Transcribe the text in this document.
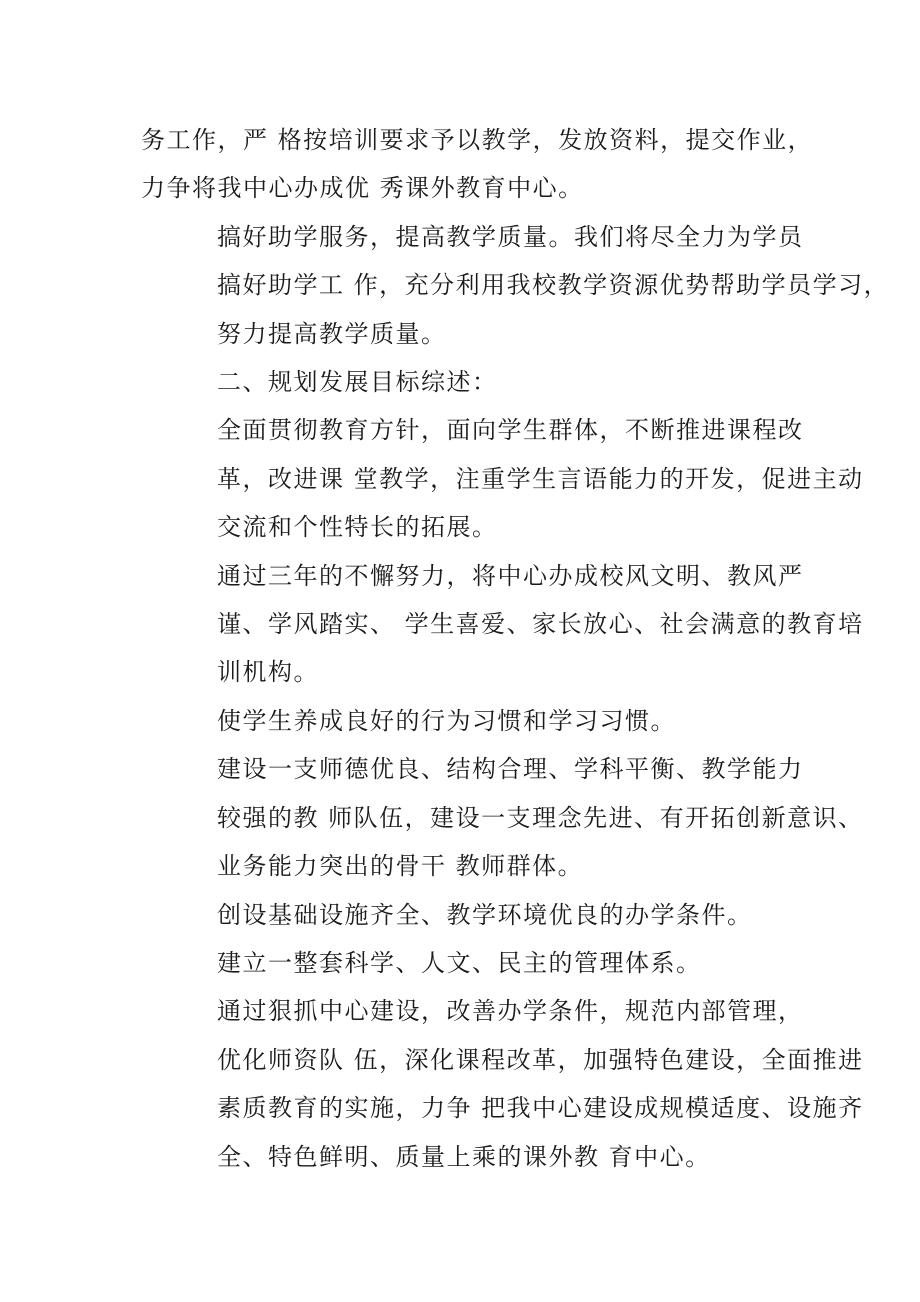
务工作，严 格按培训要求予以教学，发放资料，提交作业，
力争将我中心办成优 秀课外教育中心。
搞好助学服务，提高教学质量。我们将尽全力为学员
搞好助学工 作，充分利用我校教学资源优势帮助学员学习，
努力提高教学质量。
二、规划发展目标综述：
全面贯彻教育方针，面向学生群体，不断推进课程改
革，改进课 堂教学，注重学生言语能力的开发，促进主动
交流和个性特长的拓展。
通过三年的不懈努力，将中心办成校风文明、教风严
谨、学风踏实、 学生喜爱、家长放心、社会满意的教育培
训机构。
使学生养成良好的行为习惯和学习习惯。
建设一支师德优良、结构合理、学科平衡、教学能力
较强的教 师队伍，建设一支理念先进、有开拓创新意识、
业务能力突出的骨干 教师群体。
创设基础设施齐全、教学环境优良的办学条件。
建立一整套科学、人文、民主的管理体系。
通过狠抓中心建设，改善办学条件，规范内部管理，
优化师资队 伍，深化课程改革，加强特色建设，全面推进
素质教育的实施，力争 把我中心建设成规模适度、设施齐
全、特色鲜明、质量上乘的课外教 育中心。
